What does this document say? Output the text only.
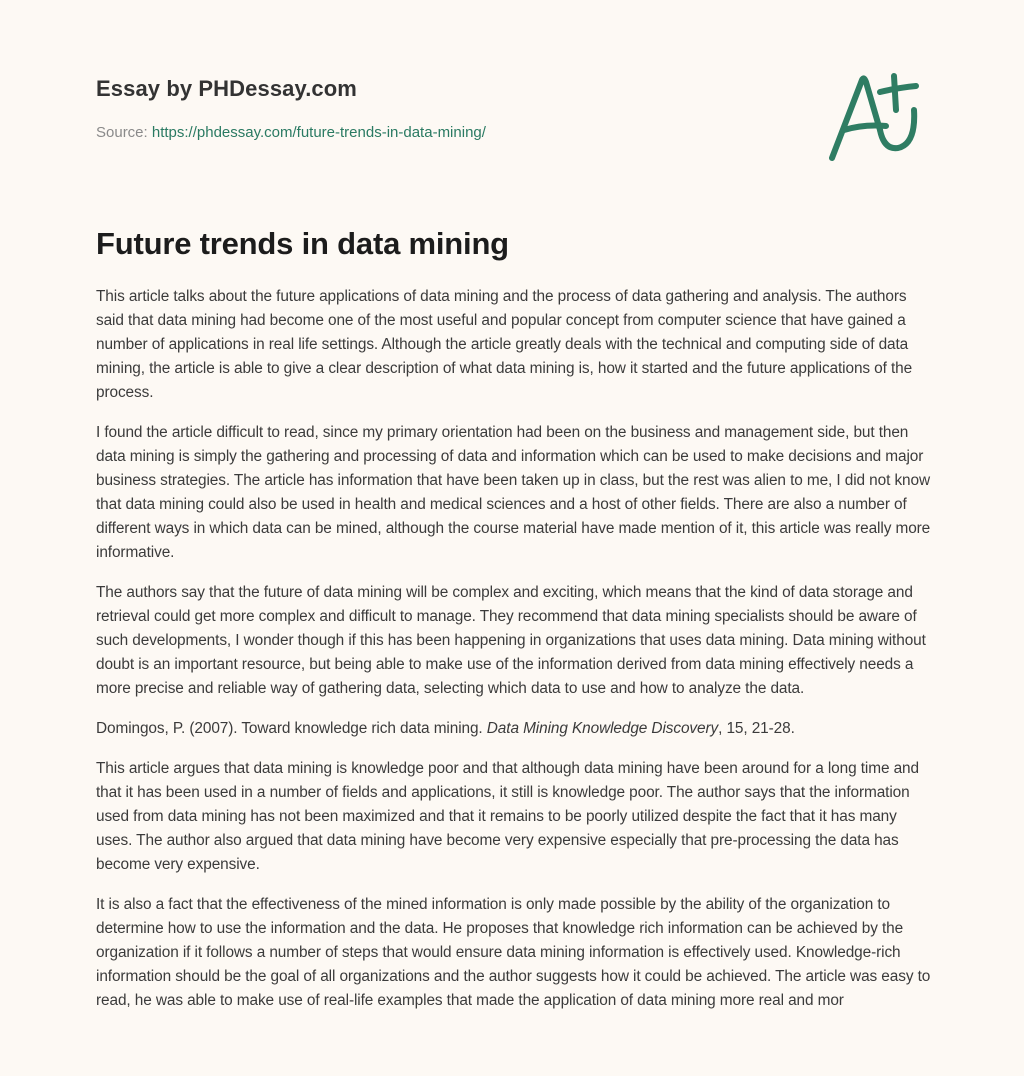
Essay by PHDessay.com
Source: https://phdessay.com/future-trends-in-data-mining/
Future trends in data mining

This article talks about the future applications of data mining and the process of data gathering and analysis. The authors said that data mining had become one of the most useful and popular concept from computer science that have gained a number of applications in real life settings. Although the article greatly deals with the technical and computing side of data mining, the article is able to give a clear description of what data mining is, how it started and the future applications of the process.

I found the article difficult to read, since my primary orientation had been on the business and management side, but then data mining is simply the gathering and processing of data and information which can be used to make decisions and major business strategies. The article has information that have been taken up in class, but the rest was alien to me, I did not know that data mining could also be used in health and medical sciences and a host of other fields. There are also a number of different ways in which data can be mined, although the course material have made mention of it, this article was really more informative.

The authors say that the future of data mining will be complex and exciting, which means that the kind of data storage and retrieval could get more complex and difficult to manage. They recommend that data mining specialists should be aware of such developments, I wonder though if this has been happening in organizations that uses data mining. Data mining without doubt is an important resource, but being able to make use of the information derived from data mining effectively needs a more precise and reliable way of gathering data, selecting which data to use and how to analyze the data.

Domingos, P. (2007). Toward knowledge rich data mining. Data Mining Knowledge Discovery, 15, 21-28.

This article argues that data mining is knowledge poor and that although data mining have been around for a long time and that it has been used in a number of fields and applications, it still is knowledge poor. The author says that the information used from data mining has not been maximized and that it remains to be poorly utilized despite the fact that it has many uses. The author also argued that data mining have become very expensive especially that pre-processing the data has become very expensive.

It is also a fact that the effectiveness of the mined information is only made possible by the ability of the organization to determine how to use the information and the data. He proposes that knowledge rich information can be achieved by the organization if it follows a number of steps that would ensure data mining information is effectively used. Knowledge-rich information should be the goal of all organizations and the author suggests how it could be achieved. The article was easy to read, he was able to make use of real-life examples that made the application of data mining more real and mor
